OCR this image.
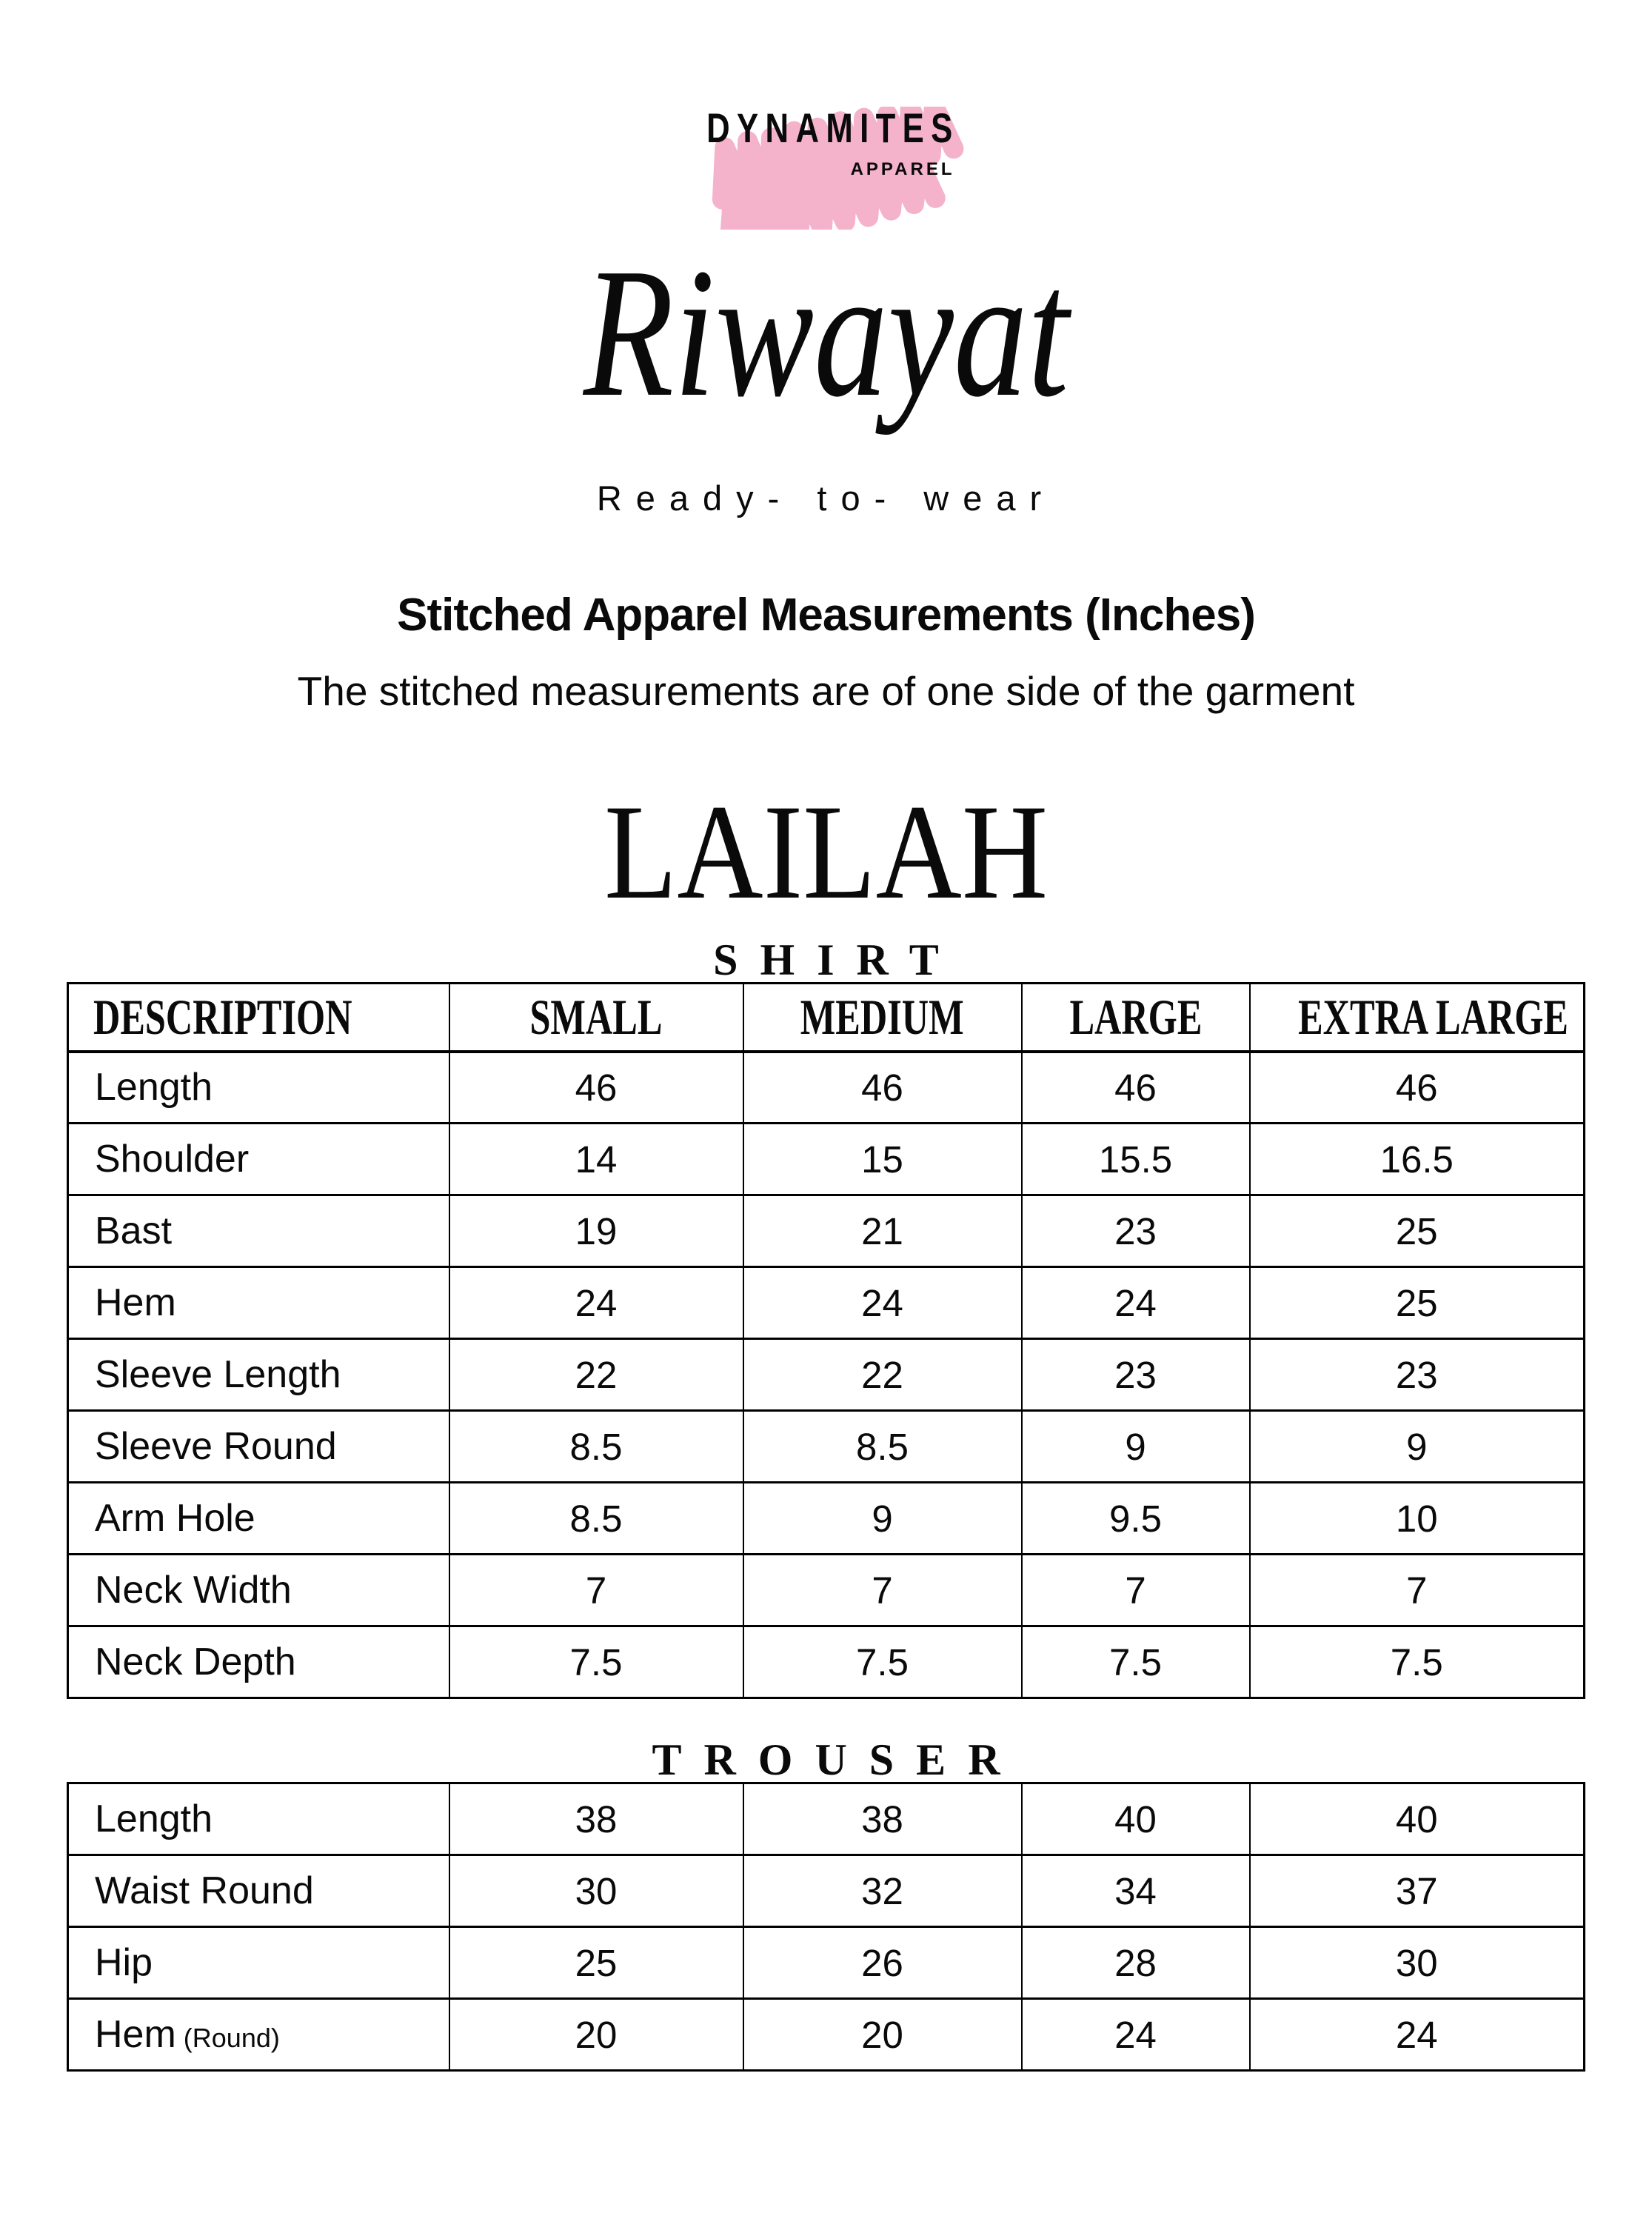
DYNAMITES
APPAREL
Riwayat
Ready- to- wear
Stitched Apparel Measurements (Inches)

The stitched measurements are of one side of the garment

LAILAH
SHIRT
DESCRIPTION	SMALL	MEDIUM	LARGE	EXTRA LARGE
Length	46	46	46	46
Shoulder	14	15	15.5	16.5
Bast	19	21	23	25
Hem	24	24	24	25
Sleeve Length	22	22	23	23
Sleeve Round	8.5	8.5	9	9
Arm Hole	8.5	9	9.5	10
Neck Width	7	7	7	7
Neck Depth	7.5	7.5	7.5	7.5
TROUSER
Length	38	38	40	40
Waist Round	30	32	34	37
Hip	25	26	28	30
Hem (Round)	20	20	24	24
